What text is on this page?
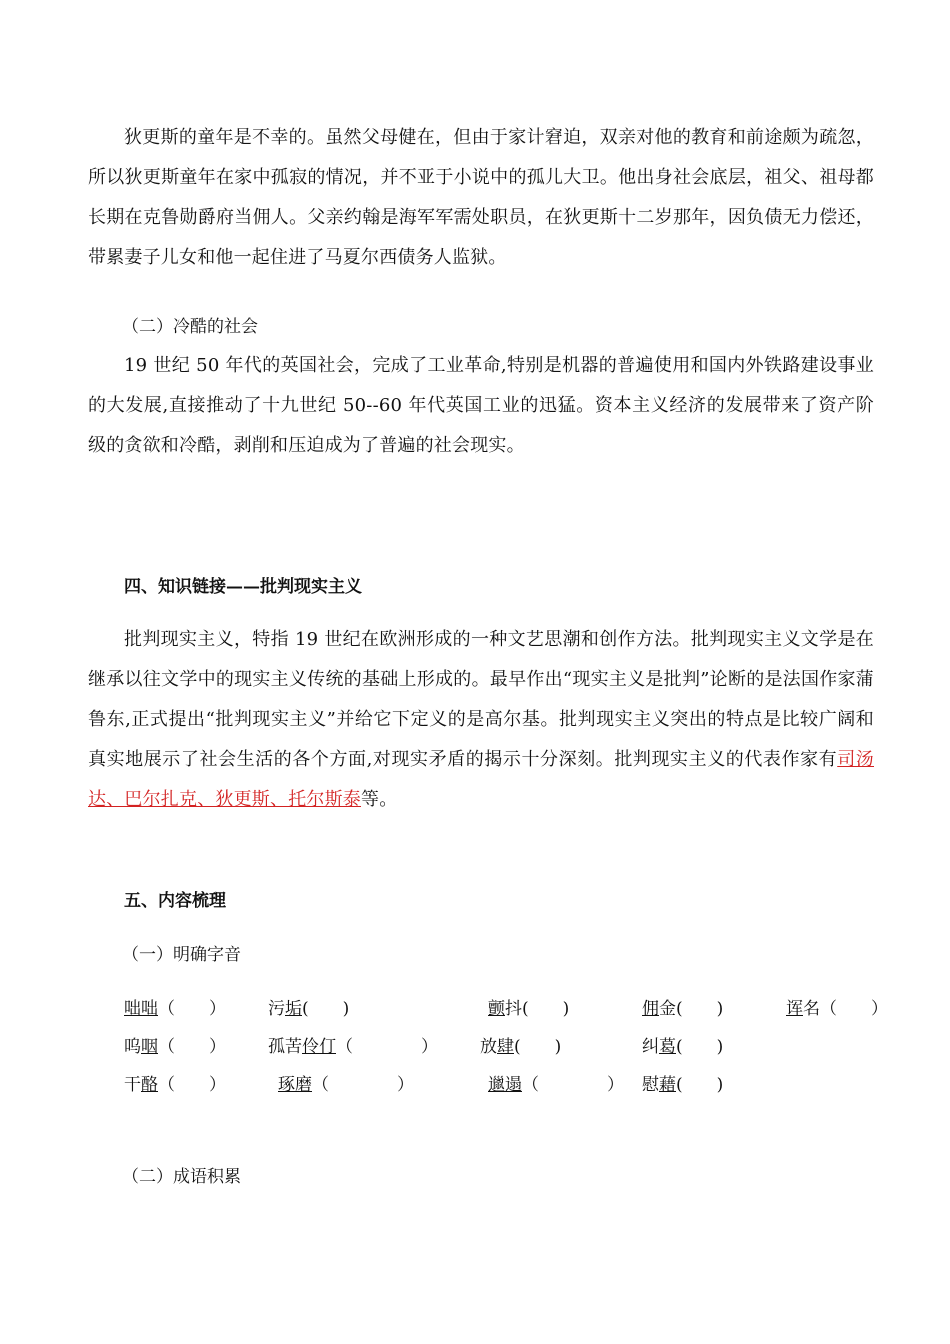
狄更斯的童年是不幸的。虽然父母健在，但由于家计窘迫，双亲对他的教育和前途颇为疏忽，所以狄更斯童年在家中孤寂的情况，并不亚于小说中的孤儿大卫。他出身社会底层，祖父、祖母都长期在克鲁勋爵府当佣人。父亲约翰是海军军需处职员，在狄更斯十二岁那年，因负债无力偿还，带累妻子儿女和他一起住进了马夏尔西债务人监狱。

（二）冷酷的社会

19 世纪 50 年代的英国社会，完成了工业革命,特别是机器的普遍使用和国内外铁路建设事业的大发展,直接推动了十九世纪 50--60 年代英国工业的迅猛。资本主义经济的发展带来了资产阶级的贪欲和冷酷，剥削和压迫成为了普遍的社会现实。

四、知识链接——批判现实主义

批判现实主义，特指 19 世纪在欧洲形成的一种文艺思潮和创作方法。批判现实主义文学是在继承以往文学中的现实主义传统的基础上形成的。最早作出“现实主义是批判”论断的是法国作家蒲鲁东,正式提出“批判现实主义”并给它下定义的是高尔基。批判现实主义突出的特点是比较广阔和真实地展示了社会生活的各个方面,对现实矛盾的揭示十分深刻。批判现实主义的代表作家有司汤达、巴尔扎克、狄更斯、托尔斯泰等。

五、内容梳理

（一）明确字音

咄咄（　　） 污垢(　　)	颤抖(　　)	佣金(　　)	诨名（　　）
呜咽（　　） 孤苦伶仃（　　　　） 放肆(　　)	纠葛(　　)
干酪（　　）	琢磨（　　　　）	邋遢（　　　　） 慰藉(　　)

（二）成语积累
